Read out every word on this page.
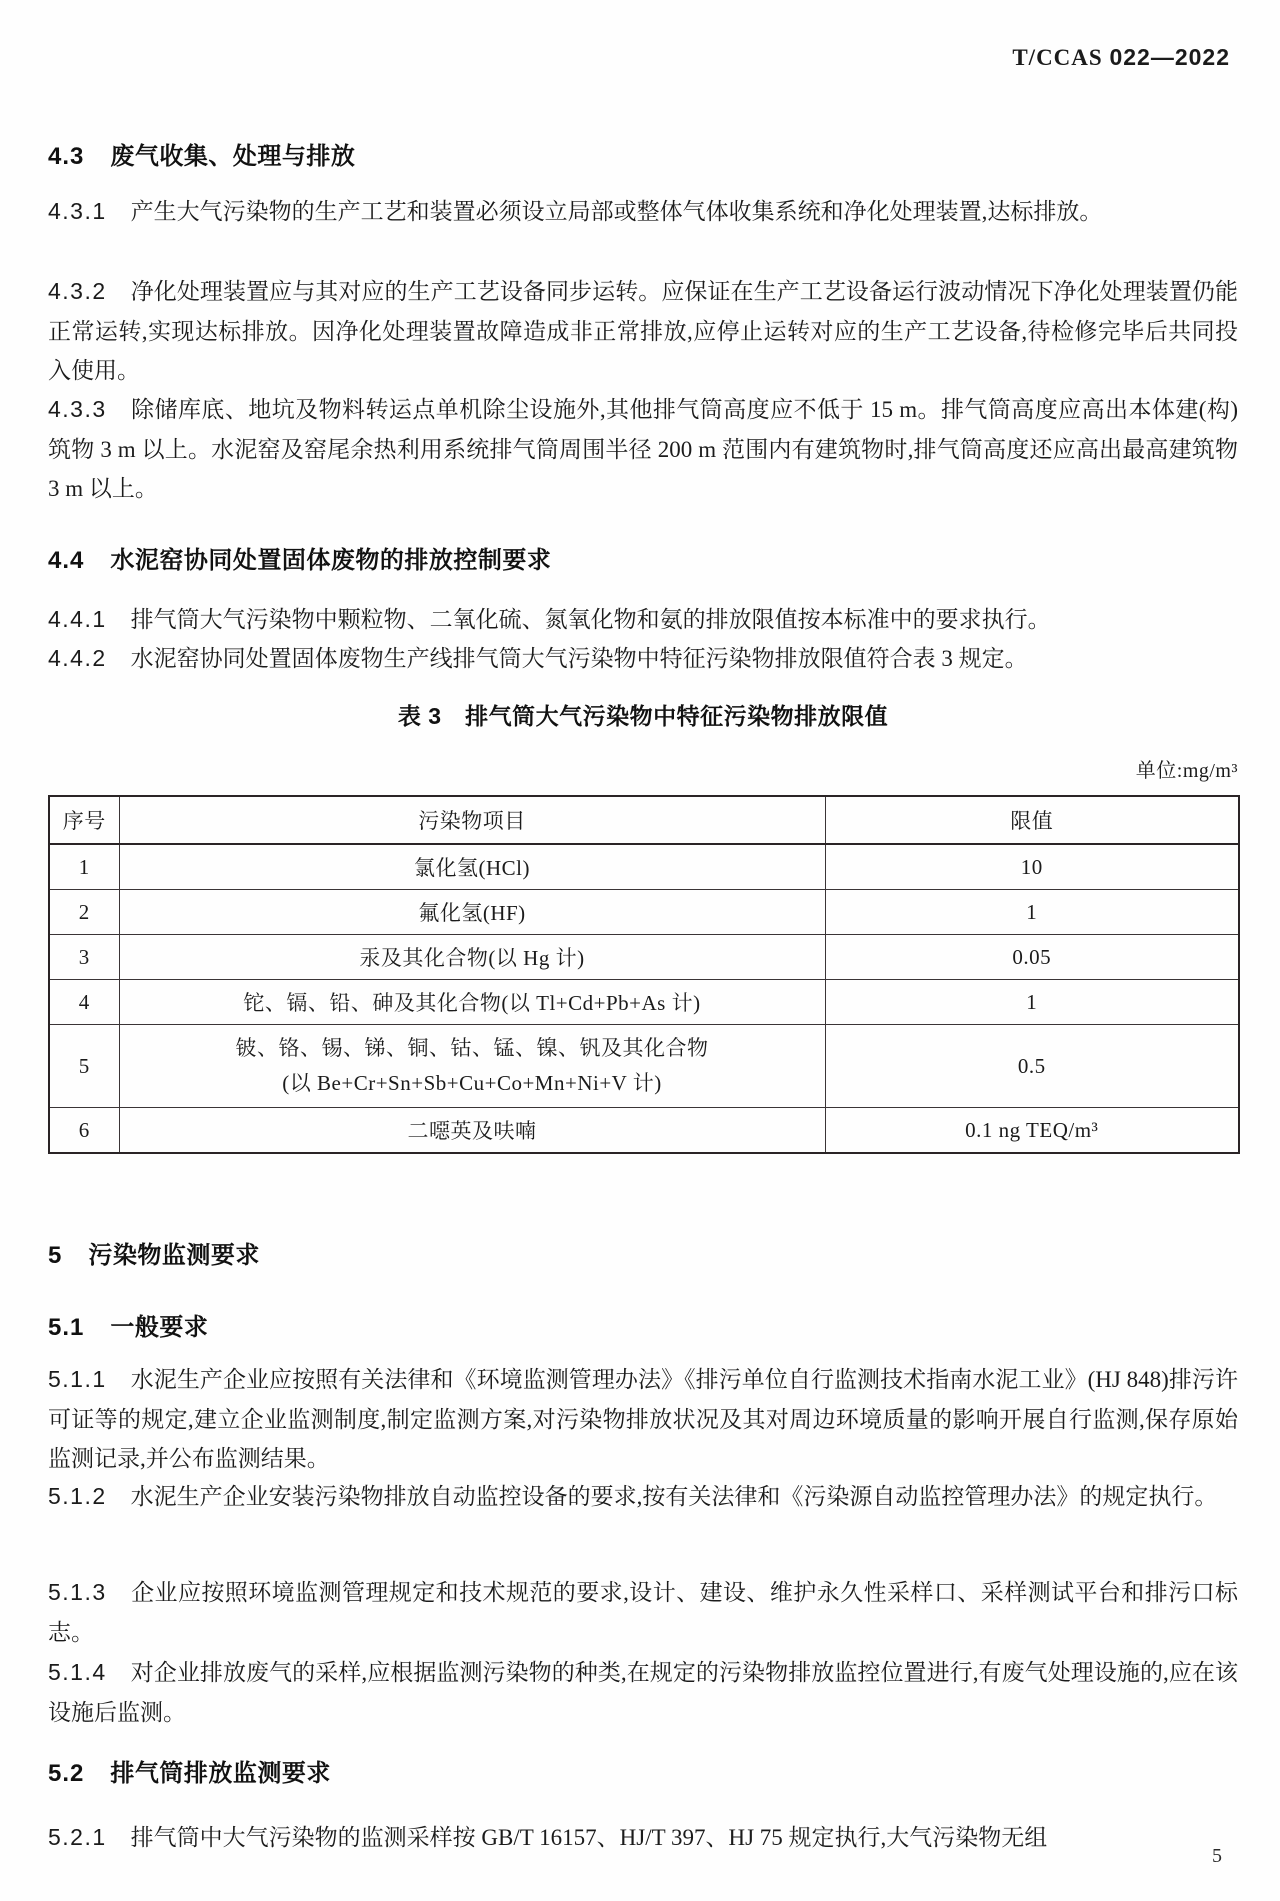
T/CCAS 022—2022
4.3 废气收集、处理与排放

4.3.1 产生大气污染物的生产工艺和装置必须设立局部或整体气体收集系统和净化处理装置,达标排放。

4.3.2 净化处理装置应与其对应的生产工艺设备同步运转。应保证在生产工艺设备运行波动情况下净化处理装置仍能正常运转,实现达标排放。因净化处理装置故障造成非正常排放,应停止运转对应的生产工艺设备,待检修完毕后共同投入使用。

4.3.3 除储库底、地坑及物料转运点单机除尘设施外,其他排气筒高度应不低于 15 m。排气筒高度应高出本体建(构)筑物 3 m 以上。水泥窑及窑尾余热利用系统排气筒周围半径 200 m 范围内有建筑物时,排气筒高度还应高出最高建筑物 3 m 以上。

4.4 水泥窑协同处置固体废物的排放控制要求

4.4.1 排气筒大气污染物中颗粒物、二氧化硫、氮氧化物和氨的排放限值按本标准中的要求执行。

4.4.2 水泥窑协同处置固体废物生产线排气筒大气污染物中特征污染物排放限值符合表 3 规定。

表 3　排气筒大气污染物中特征污染物排放限值
单位:mg/m³
序号	污染物项目	限值
1	氯化氢(HCl)	10
2	氟化氢(HF)	1
3	汞及其化合物(以 Hg 计)	0.05
4	铊、镉、铅、砷及其化合物(以 Tl+Cd+Pb+As 计)	1
5	铍、铬、锡、锑、铜、钴、锰、镍、钒及其化合物
(以 Be+Cr+Sn+Sb+Cu+Co+Mn+Ni+V 计)	0.5
6	二噁英及呋喃	0.1 ng TEQ/m³
5 污染物监测要求
5.1 一般要求

5.1.1 水泥生产企业应按照有关法律和《环境监测管理办法》《排污单位自行监测技术指南水泥工业》(HJ 848)排污许可证等的规定,建立企业监测制度,制定监测方案,对污染物排放状况及其对周边环境质量的影响开展自行监测,保存原始监测记录,并公布监测结果。

5.1.2 水泥生产企业安装污染物排放自动监控设备的要求,按有关法律和《污染源自动监控管理办法》的规定执行。

5.1.3 企业应按照环境监测管理规定和技术规范的要求,设计、建设、维护永久性采样口、采样测试平台和排污口标志。

5.1.4 对企业排放废气的采样,应根据监测污染物的种类,在规定的污染物排放监控位置进行,有废气处理设施的,应在该设施后监测。

5.2 排气筒排放监测要求

5.2.1 排气筒中大气污染物的监测采样按 GB/T 16157、HJ/T 397、HJ 75 规定执行,大气污染物无组

5
